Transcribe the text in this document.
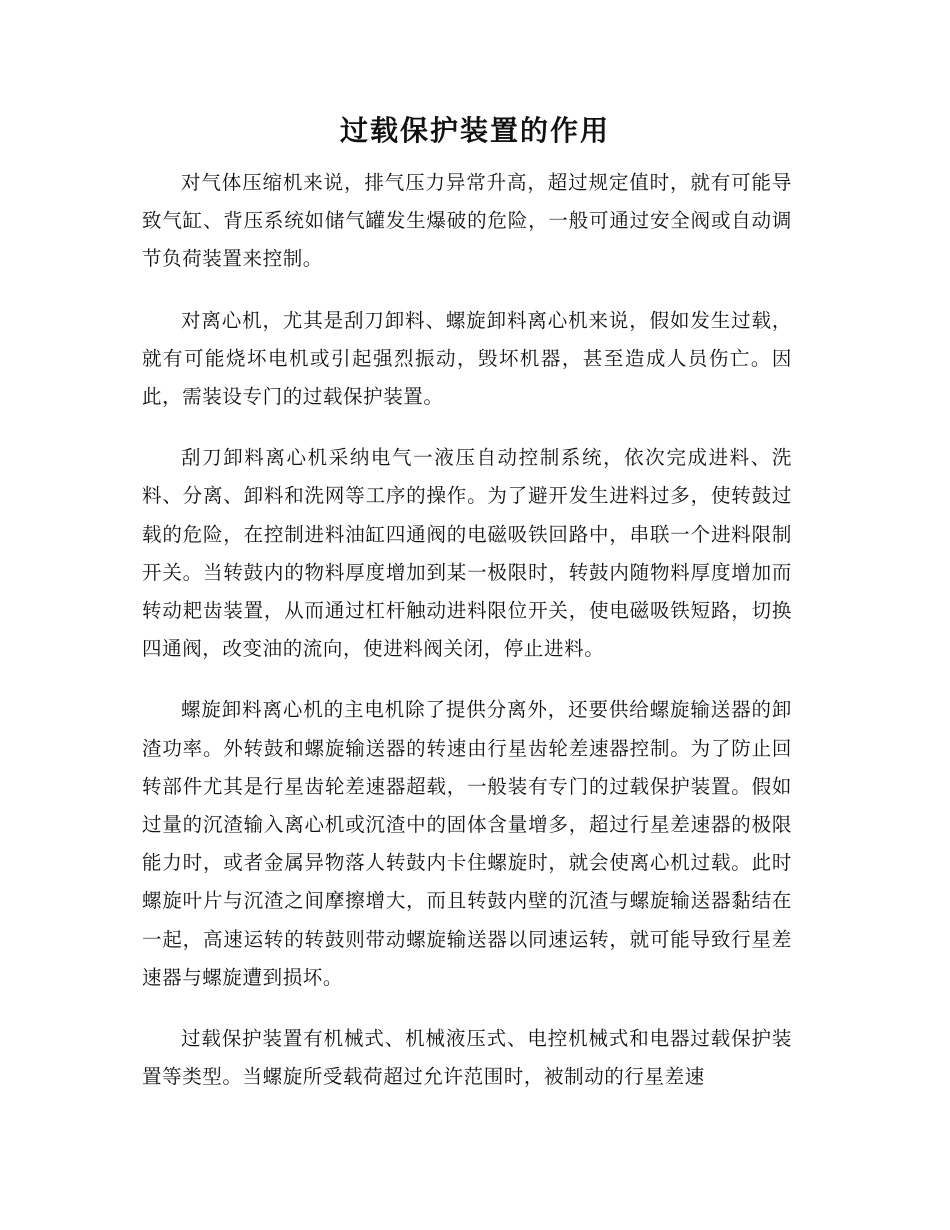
过载保护装置的作用

对气体压缩机来说，排气压力异常升高，超过规定值时，就有可能导致气缸、背压系统如储气罐发生爆破的危险，一般可通过安全阀或自动调节负荷装置来控制。

对离心机，尤其是刮刀卸料、螺旋卸料离心机来说，假如发生过载，就有可能烧坏电机或引起强烈振动，毁坏机器，甚至造成人员伤亡。因此，需装设专门的过载保护装置。

刮刀卸料离心机采纳电气一液压自动控制系统，依次完成进料、洗料、分离、卸料和洗网等工序的操作。为了避开发生进料过多，使转鼓过载的危险，在控制进料油缸四通阀的电磁吸铁回路中，串联一个进料限制开关。当转鼓内的物料厚度增加到某一极限时，转鼓内随物料厚度增加而转动耙齿装置，从而通过杠杆触动进料限位开关，使电磁吸铁短路，切换四通阀，改变油的流向，使进料阀关闭，停止进料。

螺旋卸料离心机的主电机除了提供分离外，还要供给螺旋输送器的卸渣功率。外转鼓和螺旋输送器的转速由行星齿轮差速器控制。为了防止回转部件尤其是行星齿轮差速器超载，一般装有专门的过载保护装置。假如过量的沉渣输入离心机或沉渣中的固体含量增多，超过行星差速器的极限能力时，或者金属异物落人转鼓内卡住螺旋时，就会使离心机过载。此时螺旋叶片与沉渣之间摩擦增大，而且转鼓内壁的沉渣与螺旋输送器黏结在一起，高速运转的转鼓则带动螺旋输送器以同速运转，就可能导致行星差速器与螺旋遭到损坏。

过载保护装置有机械式、机械液压式、电控机械式和电器过载保护装置等类型。当螺旋所受载荷超过允许范围时，被制动的行星差速
